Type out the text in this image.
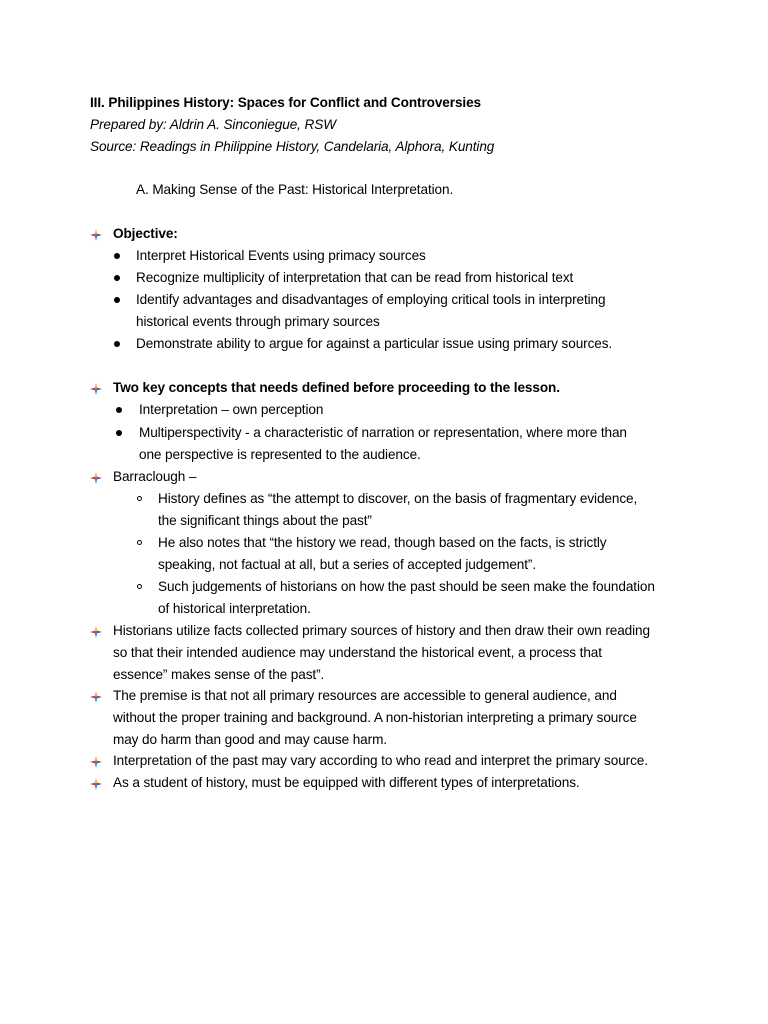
III. Philippines History: Spaces for Conflict and Controversies
Prepared by: Aldrin A. Sinconiegue, RSW
Source: Readings in Philippine History, Candelaria, Alphora, Kunting
A. Making Sense of the Past: Historical Interpretation.
Objective:
Interpret Historical Events using primacy sources
Recognize multiplicity of interpretation that can be read from historical text
Identify advantages and disadvantages of employing critical tools in interpreting
historical events through primary sources
Demonstrate ability to argue for against a particular issue using primary sources.
Two key concepts that needs defined before proceeding to the lesson.
Interpretation – own perception
Multiperspectivity - a characteristic of narration or representation, where more than
one perspective is represented to the audience.
Barraclough –
History defines as “the attempt to discover, on the basis of fragmentary evidence,
the significant things about the past”
He also notes that “the history we read, though based on the facts, is strictly
speaking, not factual at all, but a series of accepted judgement”.
Such judgements of historians on how the past should be seen make the foundation
of historical interpretation.
Historians utilize facts collected primary sources of history and then draw their own reading
so that their intended audience may understand the historical event, a process that
essence” makes sense of the past”.
The premise is that not all primary resources are accessible to general audience, and
without the proper training and background. A non-historian interpreting a primary source
may do harm than good and may cause harm.
Interpretation of the past may vary according to who read and interpret the primary source.
As a student of history, must be equipped with different types of interpretations.
